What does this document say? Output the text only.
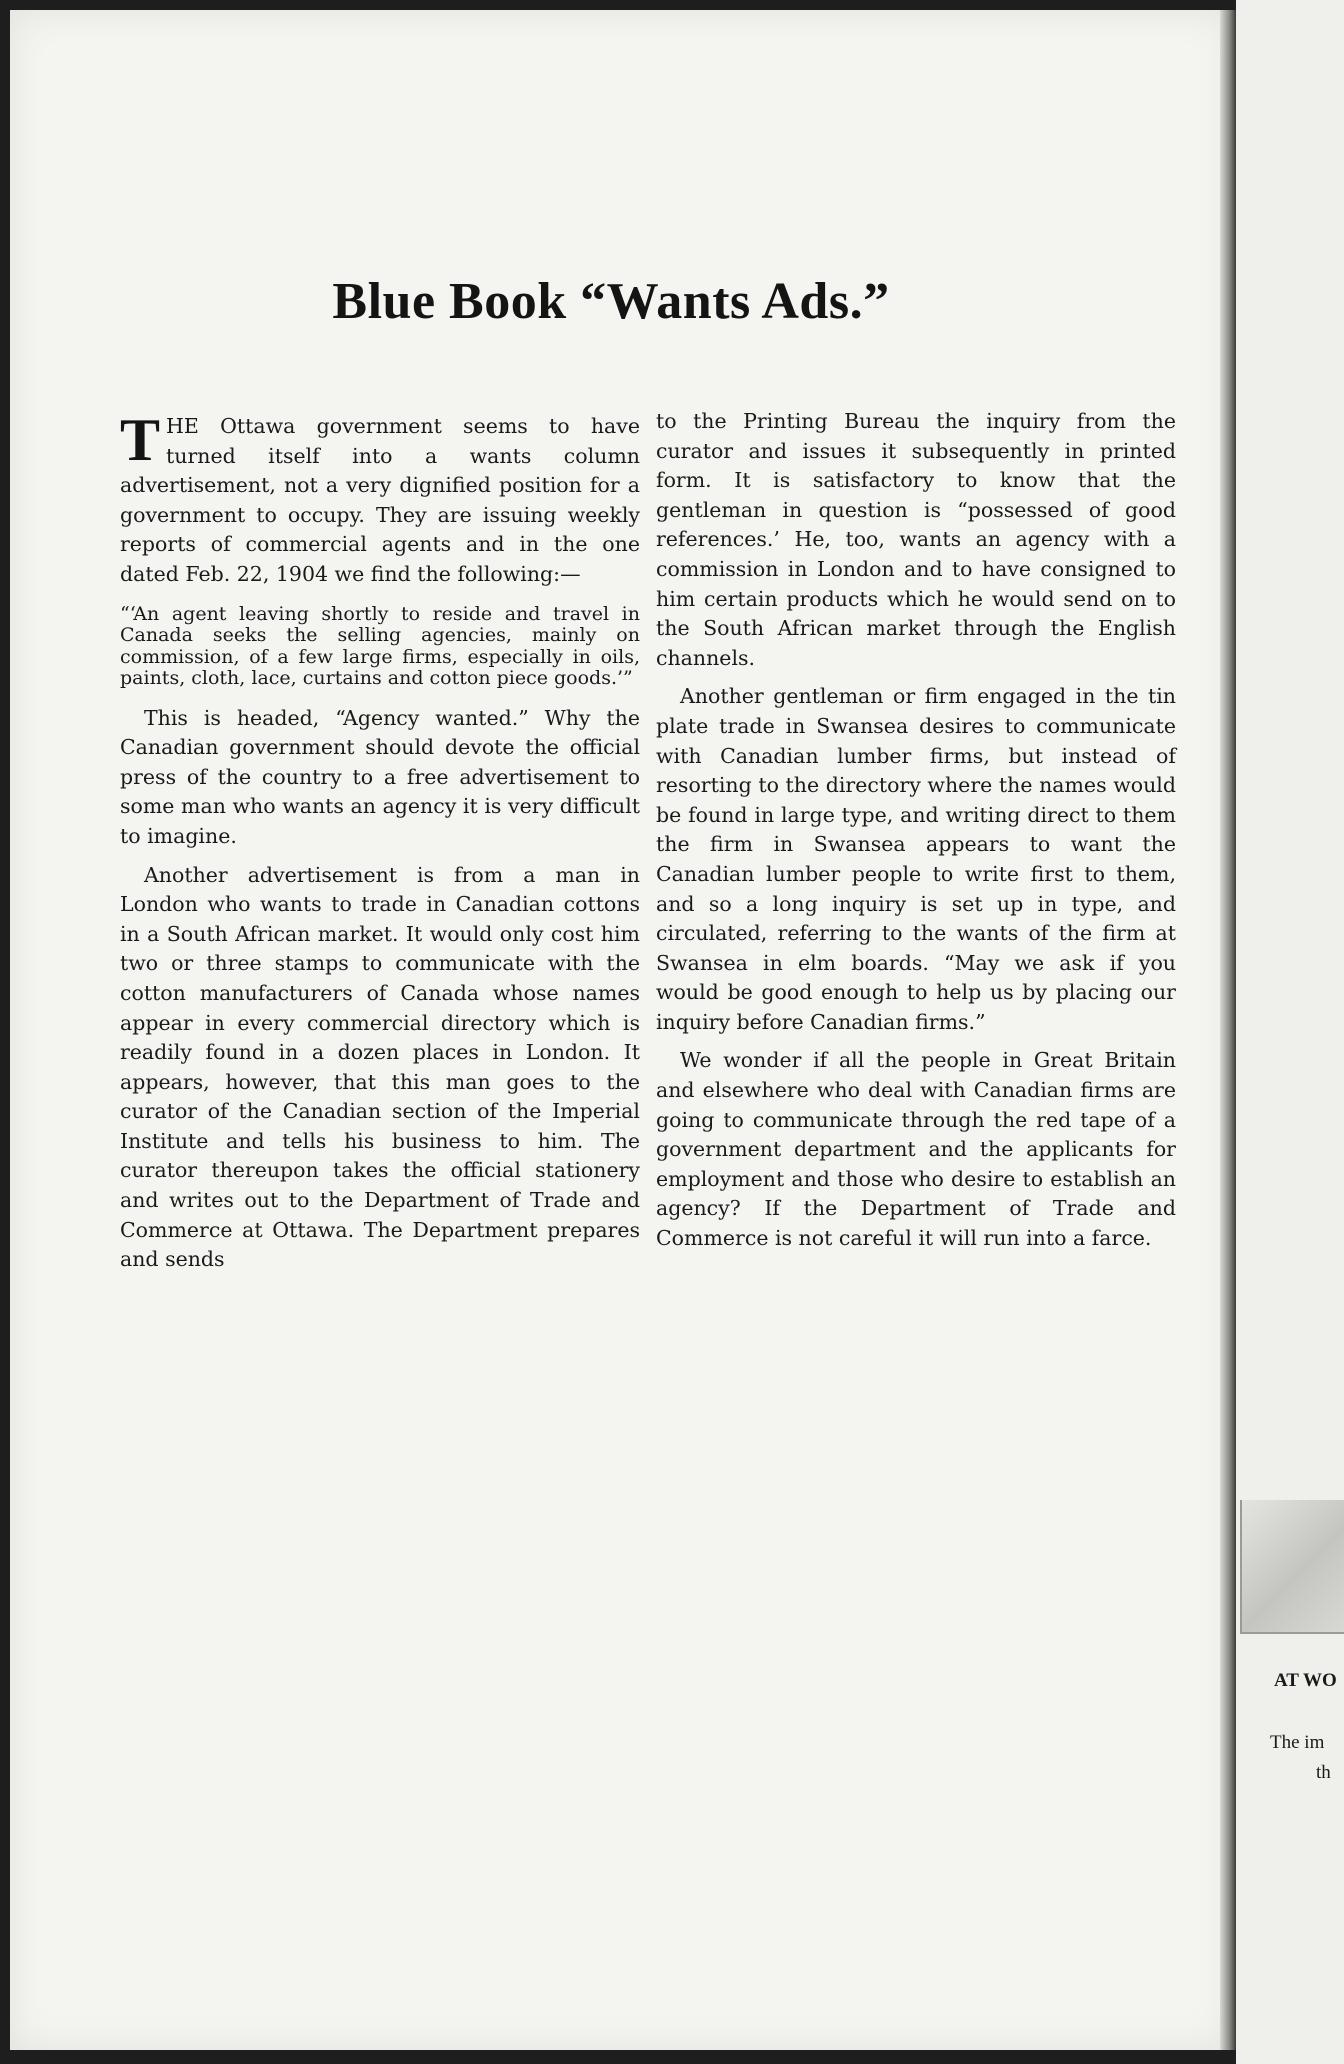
AT WO
The im
th
Blue Book “Wants Ads.”

THE Ottawa government seems to have turned itself into a wants column advertisement, not a very dignified position for a government to occupy. They are issuing weekly reports of commercial agents and in the one dated Feb. 22, 1904 we find the following:—

“‘An agent leaving shortly to reside and travel in Canada seeks the selling agencies, mainly on commission, of a few large firms, especially in oils, paints, cloth, lace, curtains and cotton piece goods.’”

This is headed, “Agency wanted.” Why the Canadian government should devote the official press of the country to a free advertisement to some man who wants an agency it is very difficult to imagine.

Another advertisement is from a man in London who wants to trade in Canadian cottons in a South African market. It would only cost him two or three stamps to communicate with the cotton manufacturers of Canada whose names appear in every commercial directory which is readily found in a dozen places in London. It appears, however, that this man goes to the curator of the Canadian section of the Imperial Institute and tells his business to him. The curator thereupon takes the official stationery and writes out to the Department of Trade and Commerce at Ottawa. The Department prepares and sends

to the Printing Bureau the inquiry from the curator and issues it subsequently in printed form. It is satisfactory to know that the gentleman in question is “possessed of good references.’ He, too, wants an agency with a commission in London and to have consigned to him certain products which he would send on to the South African market through the English channels.

Another gentleman or firm engaged in the tin plate trade in Swansea desires to communicate with Canadian lumber firms, but instead of resorting to the directory where the names would be found in large type, and writing direct to them the firm in Swansea appears to want the Canadian lumber people to write first to them, and so a long inquiry is set up in type, and circulated, referring to the wants of the firm at Swansea in elm boards. “May we ask if you would be good enough to help us by placing our inquiry before Canadian firms.”

We wonder if all the people in Great Britain and elsewhere who deal with Canadian firms are going to communicate through the red tape of a government department and the applicants for employment and those who desire to establish an agency? If the Department of Trade and Commerce is not careful it will run into a farce.
